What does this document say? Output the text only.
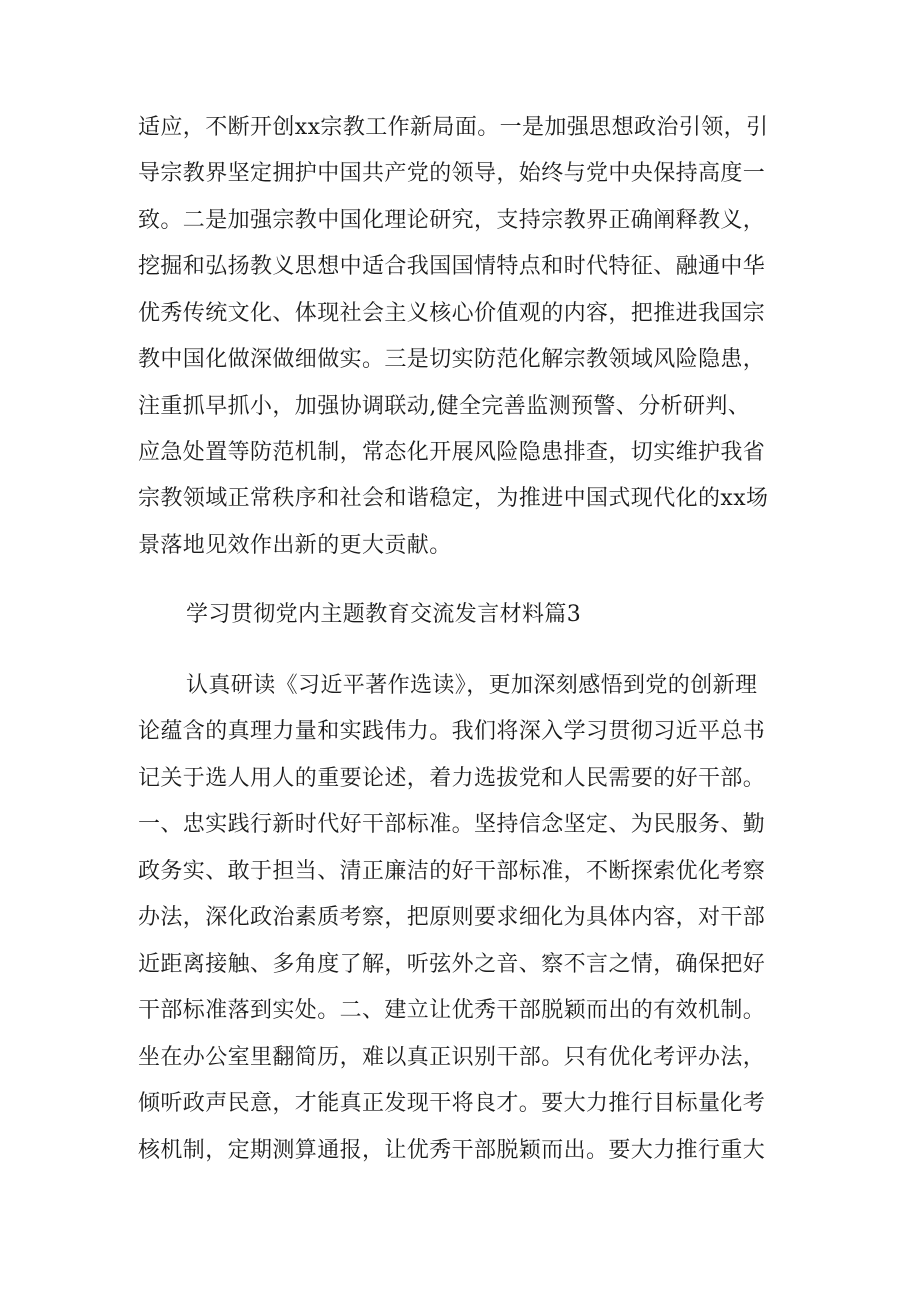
适应，不断开创xx宗教工作新局面。一是加强思想政治引领，引
导宗教界坚定拥护中国共产党的领导，始终与党中央保持高度一
致。二是加强宗教中国化理论研究，支持宗教界正确阐释教义，
挖掘和弘扬教义思想中适合我国国情特点和时代特征、融通中华
优秀传统文化、体现社会主义核心价值观的内容，把推进我国宗
教中国化做深做细做实。三是切实防范化解宗教领域风险隐患，
注重抓早抓小，加强协调联动,健全完善监测预警、分析研判、
应急处置等防范机制，常态化开展风险隐患排查，切实维护我省
宗教领域正常秩序和社会和谐稳定，为推进中国式现代化的xx场
景落地见效作出新的更大贡献。
学习贯彻党内主题教育交流发言材料篇3
认真研读《习近平著作选读》，更加深刻感悟到党的创新理
论蕴含的真理力量和实践伟力。我们将深入学习贯彻习近平总书
记关于选人用人的重要论述，着力选拔党和人民需要的好干部。
一、忠实践行新时代好干部标准。坚持信念坚定、为民服务、勤
政务实、敢于担当、清正廉洁的好干部标准，不断探索优化考察
办法，深化政治素质考察，把原则要求细化为具体内容，对干部
近距离接触、多角度了解，听弦外之音、察不言之情，确保把好
干部标准落到实处。二、建立让优秀干部脱颖而出的有效机制。
坐在办公室里翻简历，难以真正识别干部。只有优化考评办法，
倾听政声民意，才能真正发现干将良才。要大力推行目标量化考
核机制，定期测算通报，让优秀干部脱颖而出。要大力推行重大
